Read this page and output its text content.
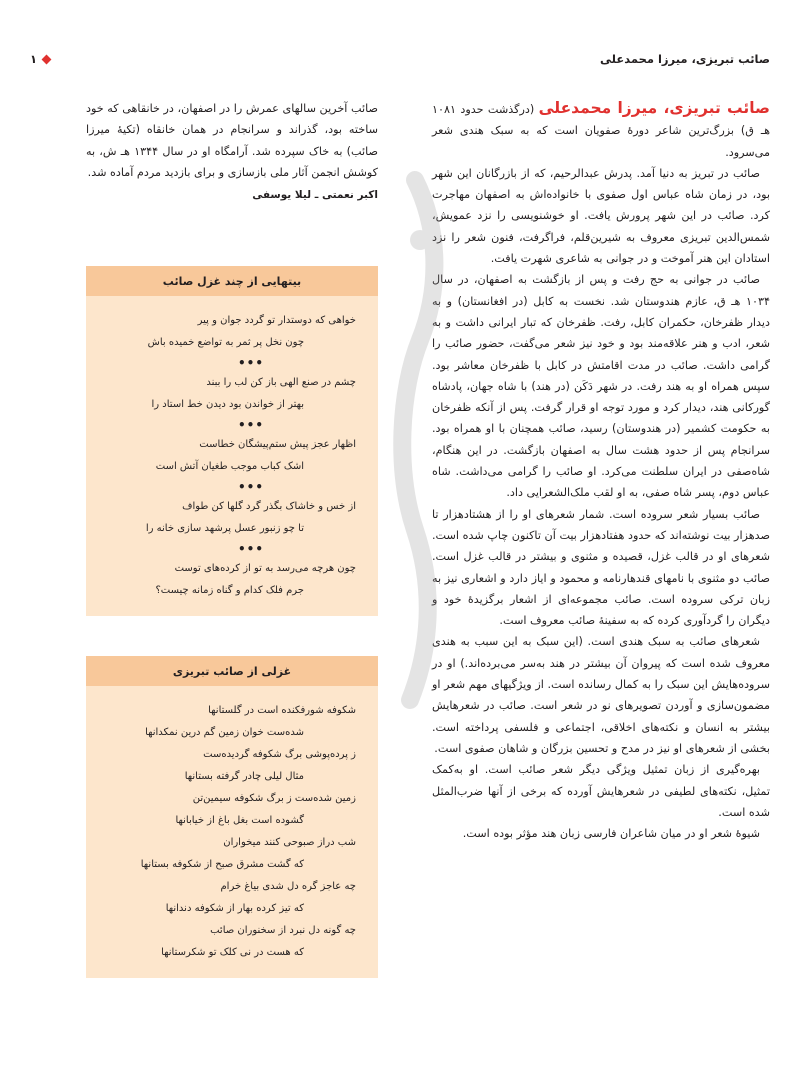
صائب تبریزی، میرزا محمدعلی
۱

صائب تبریزی، میرزا محمدعلی (درگذشت حدود ۱۰۸۱ هـ ق) بزرگ‌ترین شاعر دورهٔ صفویان است که به سبک هندی شعر می‌سرود.

صائب در تبریز به دنیا آمد. پدرش عبدالرحیم، که از بازرگانان این شهر بود، در زمان شاه عباس اول صفوی با خانواده‌اش به اصفهان مهاجرت کرد. صائب در این شهر پرورش یافت. او خوشنویسی را نزد عمویش، شمس‌الدین تبریزی معروف به شیرین‌قلم، فراگرفت، فنون شعر را نزد استادان این هنر آموخت و در جوانی به شاعری شهرت یافت.

صائب در جوانی به حج رفت و پس از بازگشت به اصفهان، در سال ۱۰۳۴ هـ ق، عازم هندوستان شد. نخست به کابل (در افغانستان) و به دیدار ظفرخان، حکمران کابل، رفت. ظفرخان که تبار ایرانی داشت و به شعر، ادب و هنر علاقه‌مند بود و خود نیز شعر می‌گفت، حضور صائب را گرامی داشت. صائب در مدت اقامتش در کابل با ظفرخان معاشر بود. سپس همراه او به هند رفت. در شهر دَکَن (در هند) با شاه جهان، پادشاه گورکانی هند، دیدار کرد و مورد توجه او قرار گرفت. پس از آنکه ظفرخان به حکومت کشمیر (در هندوستان) رسید، صائب همچنان با او همراه بود. سرانجام پس از حدود هشت سال به اصفهان بازگشت. در این هنگام، شاه‌صفی در ایران سلطنت می‌کرد. او صائب را گرامی می‌داشت. شاه عباس دوم، پسر شاه صفی، به او لقب ملک‌الشعرایی داد.

صائب بسیار شعر سروده است. شمار شعرهای او را از هشتادهزار تا صدهزار بیت نوشته‌اند که حدود هفتادهزار بیت آن تاکنون چاپ شده است. شعرهای او در قالب غزل، قصیده و مثنوی و بیشتر در قالب غزل است. صائب دو مثنوی با نامهای قندهارنامه و محمود و ایاز دارد و اشعاری نیز به زبان ترکی سروده است. صائب مجموعه‌ای از اشعار برگزیدهٔ خود و دیگران را گردآوری کرده که به سفینهٔ صائب معروف است.

شعرهای صائب به سبک هندی است. (این سبک به این سبب به هندی معروف شده است که پیروان آن بیشتر در هند به‌سر می‌برده‌اند.) او در سروده‌هایش این سبک را به کمال رسانده است. از ویژگیهای مهم شعر او مضمون‌سازی و آوردن تصویرهای نو در شعر است. صائب در شعرهایش بیشتر به انسان و نکته‌های اخلاقی، اجتماعی و فلسفی پرداخته است. بخشی از شعرهای او نیز در مدح و تحسین بزرگان و شاهان صفوی است.

بهره‌گیری از زبان تمثیل ویژگی دیگر شعر صائب است. او به‌کمک تمثیل، نکته‌های لطیفی در شعرهایش آورده که برخی از آنها ضرب‌المثل شده است.

شیوهٔ شعر او در میان شاعران فارسی زبان هند مؤثر بوده است.

صائب آخرین سالهای عمرش را در اصفهان، در خانقاهی که خود ساخته بود، گذراند و سرانجام در همان خانقاه (تکیهٔ میرزا صائب) به خاک سپرده شد. آرامگاه او در سال ۱۳۴۴ هـ ش، به کوشش انجمن آثار ملی بازسازی و برای بازدید مردم آماده شد.

اکبر نعمتی ـ لیلا یوسفی
بیتهایی از چند غزل صائب
خواهی که دوستدار تو گردد جوان و پیر
چون نخل پر ثمر به تواضع خمیده باش
•••
چشم در صنع الهی باز کن لب را ببند
بهتر از خواندن بود دیدن خط استاد را
•••
اظهار عجز پیش ستم‌پیشگان خطاست
اشک کباب موجب طغیان آتش است
•••
از خس و خاشاک بگذر گرد گلها کن طواف
تا چو زنبور عسل پرشهد سازی خانه را
•••
چون هرچه می‌رسد به تو از کرده‌های توست
جرم فلک کدام و گناه زمانه چیست؟
غزلی از صائب تبریزی
شکوفه شورفکنده است در گلستانها
شده‌ست خوان زمین گم درین نمکدانها
ز پرده‌پوشی برگ شکوفه گردیده‌ست
مثال لیلی چادر گرفته بستانها
زمین شده‌ست ز برگ شکوفه سیمین‌تن
گشوده است بغل باغ از خیابانها
شب دراز صبوحی کنند میخواران
که گشت مشرق صبح از شکوفه بستانها
چه عاجز گره دل شدی بیاغ خرام
که تیز کرده بهار از شکوفه دندانها
چه گونه دل نبرد از سخنوران صائب
که هست در نی کلک تو شکرستانها
